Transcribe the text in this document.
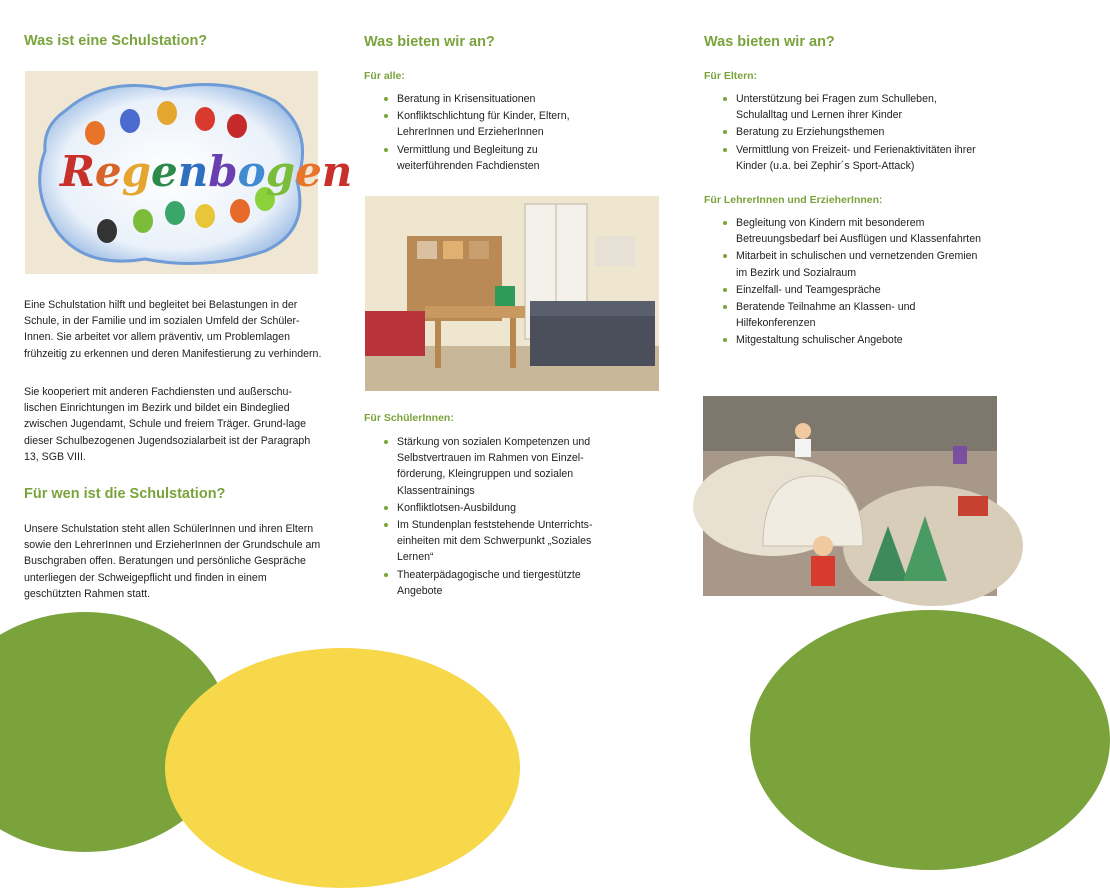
Was ist eine Schulstation?
Regenbogen

Eine Schulstation hilft und begleitet bei Belastungen in der Schule, in der Familie und im sozialen Umfeld der Schüler-Innen. Sie arbeitet vor allem präventiv, um Problemlagen frühzeitig zu erkennen und deren Manifestierung zu verhindern.

Sie kooperiert mit anderen Fachdiensten und außerschu-lischen Einrichtungen im Bezirk und bildet ein Bindeglied zwischen Jugendamt, Schule und freiem Träger. Grund-lage dieser Schulbezogenen Jugendsozialarbeit ist der Paragraph 13, SGB VIII.

Für wen ist die Schulstation?

Unsere Schulstation steht allen SchülerInnen und ihren Eltern sowie den LehrerInnen und ErzieherInnen der Grundschule am Buschgraben offen. Beratungen und persönliche Gespräche unterliegen der Schweigepflicht und finden in einem geschützten Rahmen statt.

Was bieten wir an?
Für alle:
Beratung in Krisensituationen
Konfliktschlichtung für Kinder, Eltern, LehrerInnen und ErzieherInnen
Vermittlung und Begleitung zu weiterführenden Fachdiensten
Für SchülerInnen:
Stärkung von sozialen Kompetenzen und Selbstvertrauen im Rahmen von Einzel-förderung, Kleingruppen und sozialen Klassentrainings
Konfliktlotsen-Ausbildung
Im Stundenplan feststehende Unterrichts-einheiten mit dem Schwerpunkt „Soziales Lernen“
Theaterpädagogische und tiergestützte Angebote
Was bieten wir an?
Für Eltern:
Unterstützung bei Fragen zum Schulleben, Schulalltag und Lernen ihrer Kinder
Beratung zu Erziehungsthemen
Vermittlung von Freizeit- und Ferienaktivitäten ihrer Kinder (u.a. bei Zephir´s Sport-Attack)
Für LehrerInnen und ErzieherInnen:
Begleitung von Kindern mit besonderem Betreuungsbedarf bei Ausflügen und Klassenfahrten
Mitarbeit in schulischen und vernetzenden Gremien im Bezirk und Sozialraum
Einzelfall- und Teamgespräche
Beratende Teilnahme an Klassen- und Hilfekonferenzen
Mitgestaltung schulischer Angebote
